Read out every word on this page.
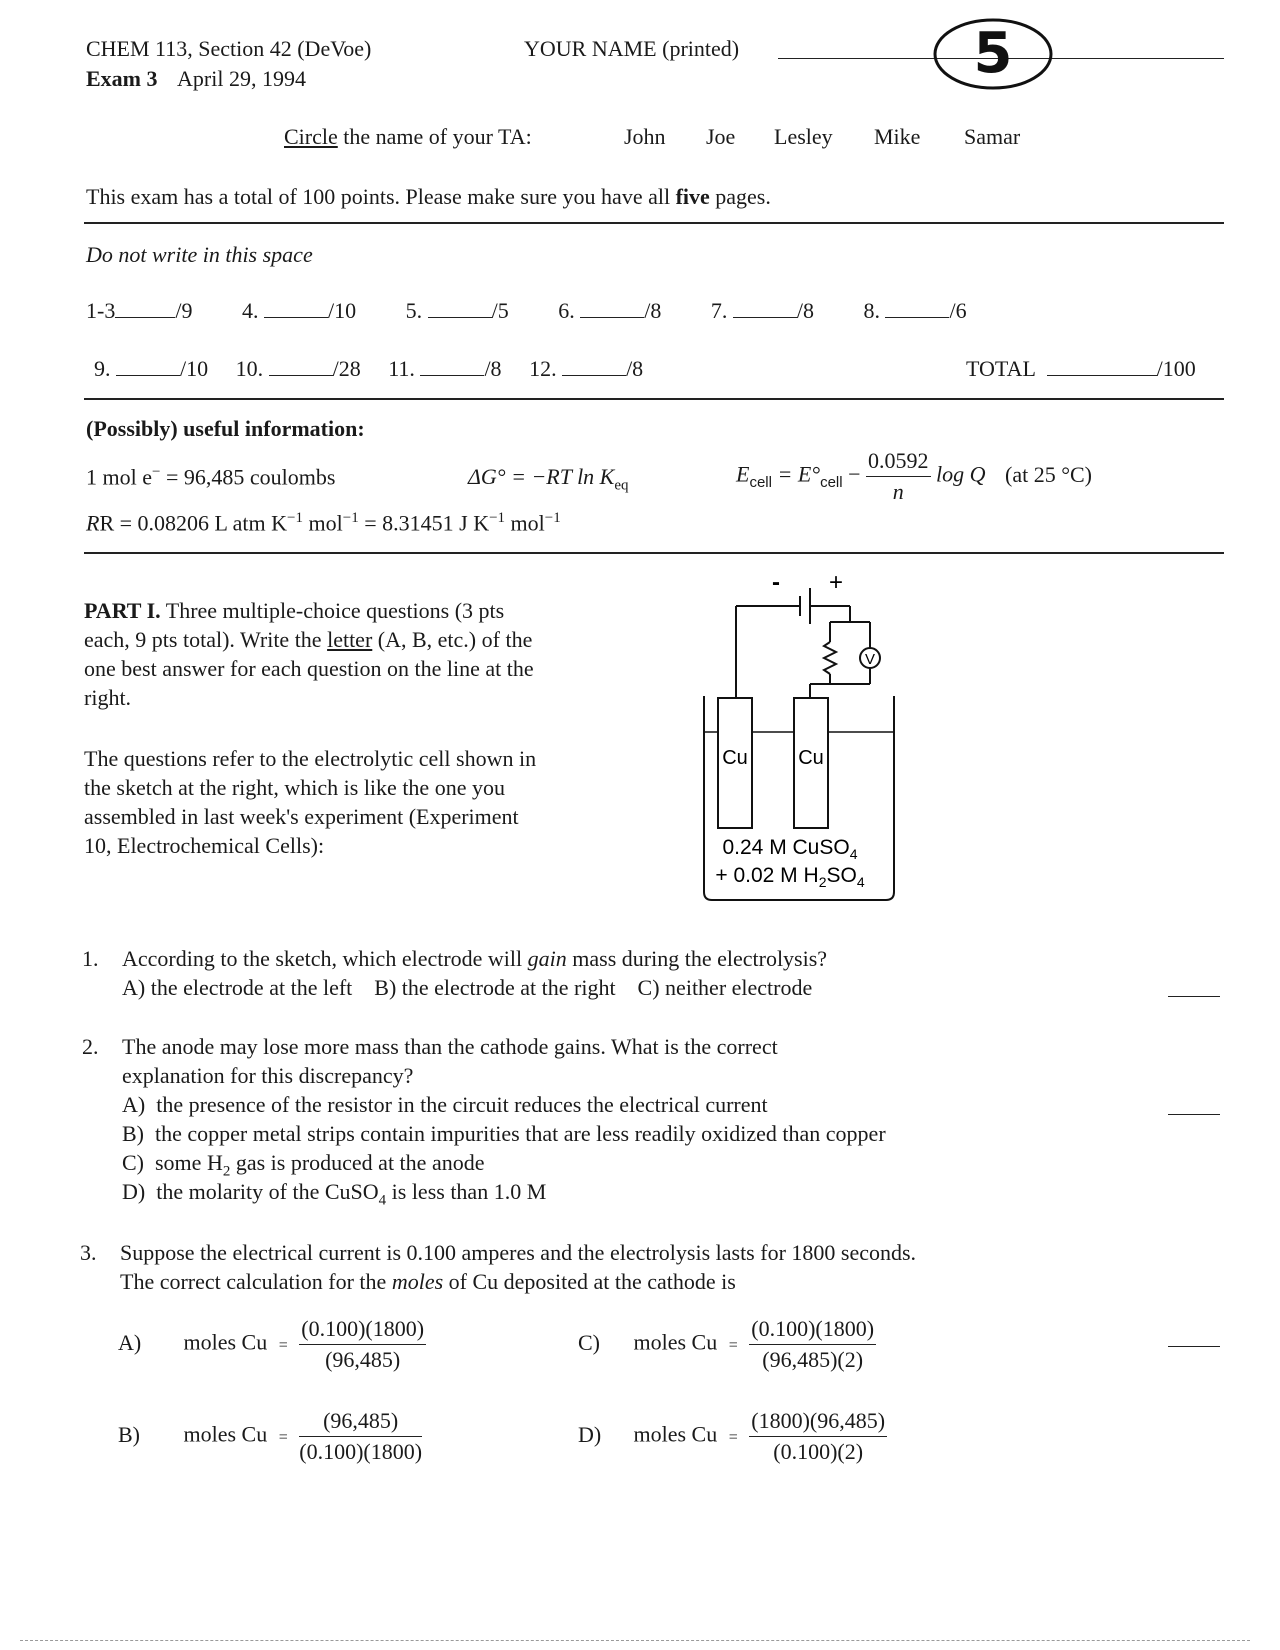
CHEM 113, Section 42 (DeVoe)
Exam 3 April 29, 1994
YOUR NAME (printed)	5
Circle the name of your TA:	John Joe Lesley Mike Samar
This exam has a total of 100 points. Please make sure you have all five pages.
Do not write in this space
1-3	/9 4.	/10 5.	/5 6.	/8 7.	/8 8.	/6
9.	/10 10.	/28 11.	/8 12.	/8	TOTAL	/100
(Possibly) useful information:
1 mol e− = 96,485 coulombs	ΔG° = −RT $\ln K_{eq}$	$E_{cell} = E^\circ_{cell} - \frac{0.0592}{n}$ log Q (at 25 °C)
RR = 0.08206 L atm $K^{-1}$ mol$^{-1}$ = 8.31451 J $K^{-1}$ mol$^{-1}$
PART I. Three multiple-choice questions (3 pts each, 9 pts total). Write the letter (A, B, etc.) of the one best answer for each question on the line at the right.
The questions refer to the electrolytic cell shown in the sketch at the right, which is like the one you assembled in last week's experiment (Experiment 10, Electrochemical Cells):
- +
V
Cu	Cu
0.24 M CuSO$_4$
+ 0.02 M $H_2SO_4$
1. According to the sketch, which electrode will gain mass during the electrolysis?
A) the electrode at the left    B) the electrode at the right    C) neither electrode
2. The anode may lose more mass than the cathode gains. What is the correct
explanation for this discrepancy?
A)  the presence of the resistor in the circuit reduces the electrical current
B)  the copper metal strips contain impurities that are less readily oxidized than copper
C)  some $H_2$ gas is produced at the anode
D)  the molarity of the CuSO$_4$ is less than 1.0 M
3. Suppose the electrical current is 0.100 amperes and the electrolysis lasts for 1800 seconds.
The correct calculation for the moles of Cu deposited at the cathode is
A) moles $Cu = \frac{(0.100)(1800)}{(96,485)}$	C) moles $Cu = \frac{(0.100)(1800)}{(96,485)(2)}$
B) moles $Cu = \frac{(96,485)}{(0.100)(1800)}$	D) moles $Cu = \frac{(1800)(96,485)}{(0.100)(2)}$
